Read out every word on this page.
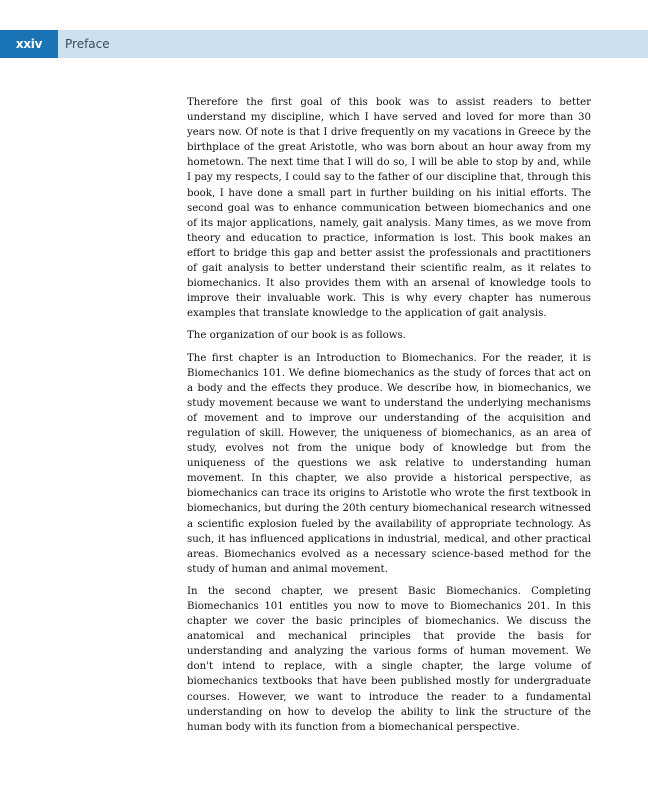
xxiv Preface

Therefore the first goal of this book was to assist readers to better understand my discipline, which I have served and loved for more than 30 years now. Of note is that I drive frequently on my vacations in Greece by the birthplace of the great Aristotle, who was born about an hour away from my hometown. The next time that I will do so, I will be able to stop by and, while I pay my respects, I could say to the father of our discipline that, through this book, I have done a small part in further building on his initial efforts. The second goal was to enhance communication between biomechanics and one of its major applications, namely, gait analysis. Many times, as we move from theory and education to practice, information is lost. This book makes an effort to bridge this gap and better assist the professionals and practitioners of gait analysis to better understand their scientific realm, as it relates to biomechanics. It also provides them with an arsenal of knowledge tools to improve their invaluable work. This is why every chapter has numerous examples that translate knowledge to the application of gait analysis.

The organization of our book is as follows.

The first chapter is an Introduction to Biomechanics. For the reader, it is Biomechanics 101. We define biomechanics as the study of forces that act on a body and the effects they produce. We describe how, in biomechanics, we study movement because we want to understand the underlying mechanisms of movement and to improve our understanding of the acquisition and regulation of skill. However, the uniqueness of biomechanics, as an area of study, evolves not from the unique body of knowledge but from the uniqueness of the questions we ask relative to understanding human movement. In this chapter, we also provide a historical perspective, as biomechanics can trace its origins to Aristotle who wrote the first textbook in biomechanics, but during the 20th century biomechanical research witnessed a scientific explosion fueled by the availability of appropriate technology. As such, it has influenced applications in industrial, medical, and other practical areas. Biomechanics evolved as a necessary science-based method for the study of human and animal movement.

In the second chapter, we present Basic Biomechanics. Completing Biomechanics 101 entitles you now to move to Biomechanics 201. In this chapter we cover the basic principles of biomechanics. We discuss the anatomical and mechanical principles that provide the basis for understanding and analyzing the various forms of human movement. We don't intend to replace, with a single chapter, the large volume of biomechanics textbooks that have been published mostly for undergraduate courses. However, we want to introduce the reader to a fundamental understanding on how to develop the ability to link the structure of the human body with its function from a biomechanical perspective.
